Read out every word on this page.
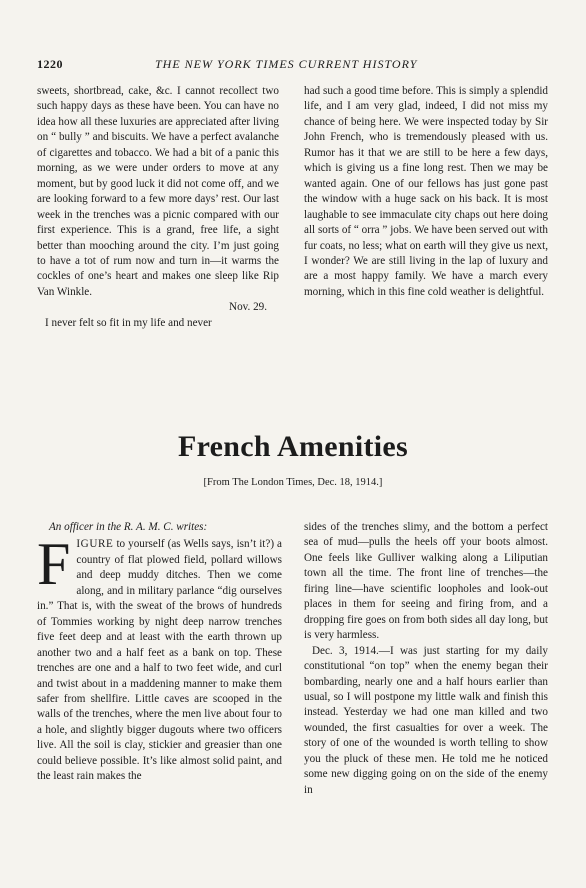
1220	THE NEW YORK TIMES CURRENT HISTORY

sweets, shortbread, cake, &c. I cannot recollect two such happy days as these have been. You can have no idea how all these luxuries are appreciated after living on “ bully ” and biscuits. We have a perfect avalanche of cigarettes and tobacco. We had a bit of a panic this morning, as we were under orders to move at any moment, but by good luck it did not come off, and we are looking forward to a few more days’ rest. Our last week in the trenches was a picnic compared with our first experience. This is a grand, free life, a sight better than mooching around the city. I’m just going to have a tot of rum now and turn in—it warms the cockles of one’s heart and makes one sleep like Rip Van Winkle.

Nov. 29.

I never felt so fit in my life and never

had such a good time before. This is simply a splendid life, and I am very glad, indeed, I did not miss my chance of being here. We were inspected today by Sir John French, who is tremendously pleased with us. Rumor has it that we are still to be here a few days, which is giving us a fine long rest. Then we may be wanted again. One of our fellows has just gone past the window with a huge sack on his back. It is most laughable to see immaculate city chaps out here doing all sorts of “ orra ” jobs. We have been served out with fur coats, no less; what on earth will they give us next, I wonder? We are still living in the lap of luxury and are a most happy family. We have a march every morning, which in this fine cold weather is delightful.

French Amenities
[From The London Times, Dec. 18, 1914.]

An officer in the R. A. M. C. writes:

FIGURE to yourself (as Wells says, isn’t it?) a country of flat plowed field, pollard willows and deep muddy ditches. Then we come along, and in military parlance “dig ourselves in.” That is, with the sweat of the brows of hundreds of Tommies working by night deep narrow trenches five feet deep and at least with the earth thrown up another two and a half feet as a bank on top. These trenches are one and a half to two feet wide, and curl and twist about in a maddening manner to make them safer from shellfire. Little caves are scooped in the walls of the trenches, where the men live about four to a hole, and slightly bigger dugouts where two officers live. All the soil is clay, stickier and greasier than one could believe possible. It’s like almost solid paint, and the least rain makes the

sides of the trenches slimy, and the bottom a perfect sea of mud—pulls the heels off your boots almost. One feels like Gulliver walking along a Liliputian town all the time. The front line of trenches—the firing line—have scientific loopholes and look-out places in them for seeing and firing from, and a dropping fire goes on from both sides all day long, but is very harmless.

Dec. 3, 1914.—I was just starting for my daily constitutional “on top” when the enemy began their bombarding, nearly one and a half hours earlier than usual, so I will postpone my little walk and finish this instead. Yesterday we had one man killed and two wounded, the first casualties for over a week. The story of one of the wounded is worth telling to show you the pluck of these men. He told me he noticed some new digging going on on the side of the enemy in
